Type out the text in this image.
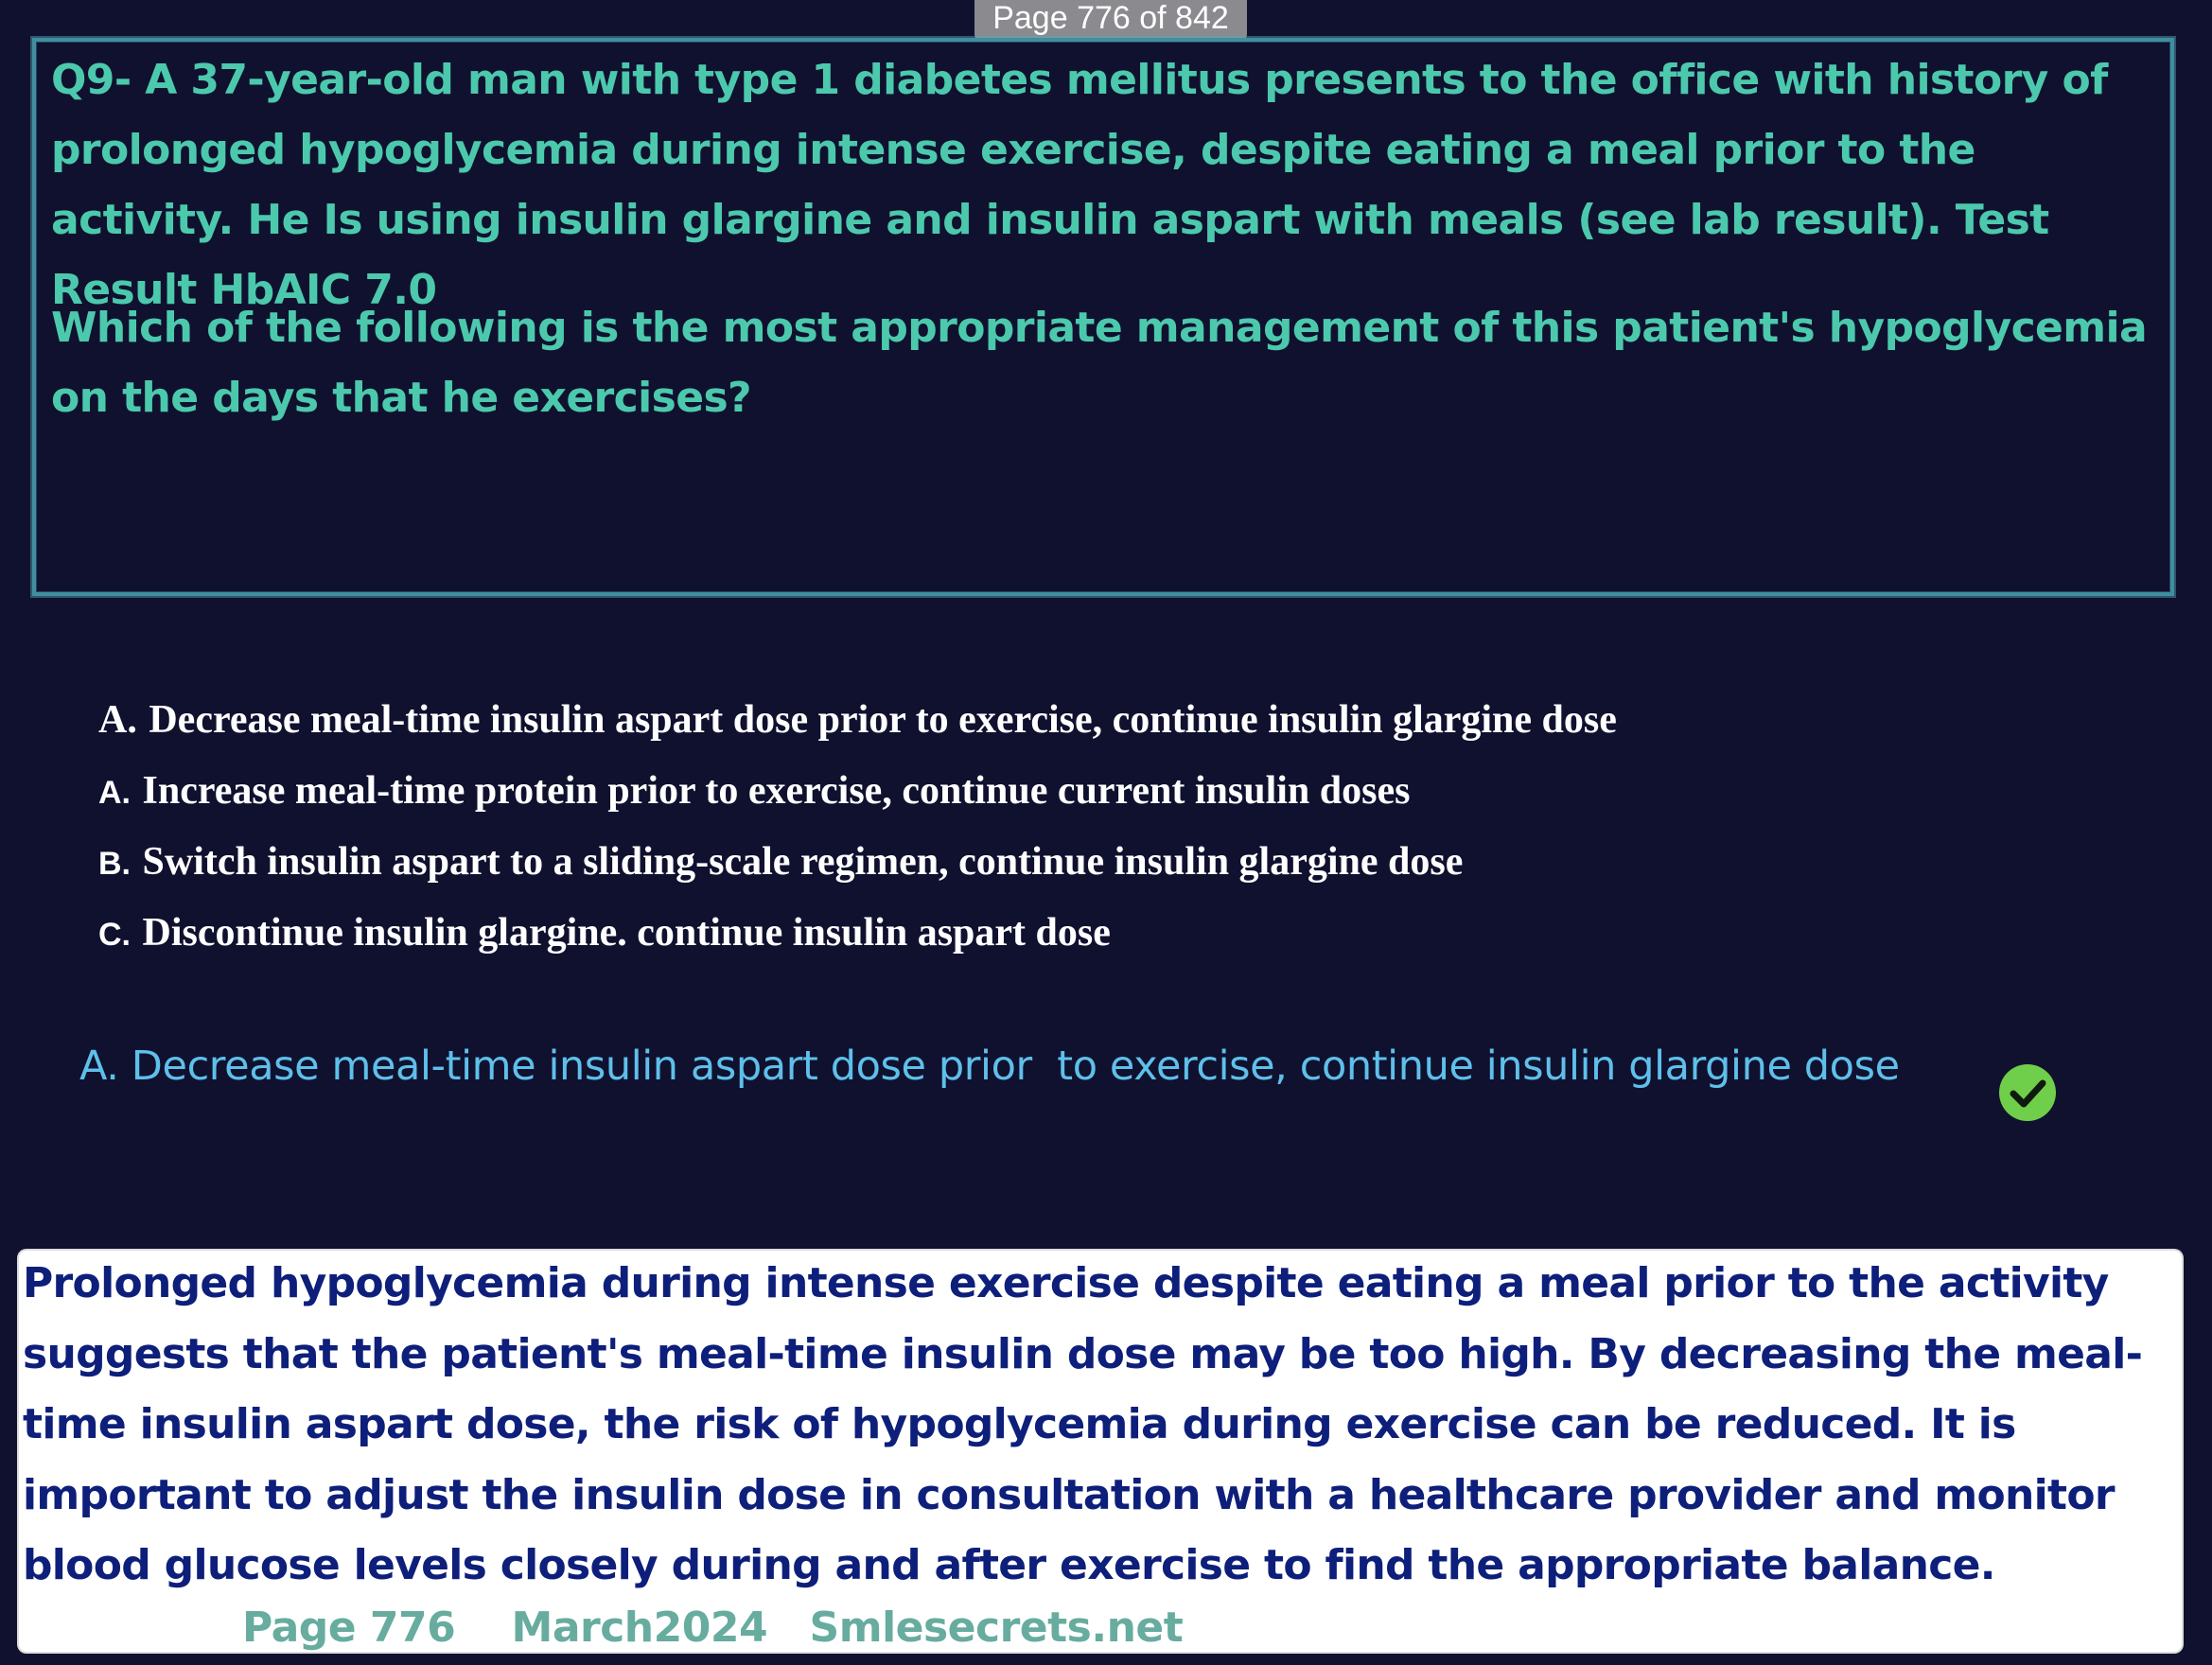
Page 776 of 842

Q9- A 37-year-old man with type 1 diabetes mellitus presents to the office with history of prolonged hypoglycemia during intense exercise, despite eating a meal prior to the activity. He Is using insulin glargine and insulin aspart with meals (see lab result). Test Result HbAIC 7.0

Which of the following is the most appropriate management of this patient's hypoglycemia on the days that he exercises?

A. Decrease meal-time insulin aspart dose prior to exercise, continue insulin glargine dose
A. Increase meal-time protein prior to exercise, continue current insulin doses
B. Switch insulin aspart to a sliding-scale regimen, continue insulin glargine dose
C. Discontinue insulin glargine. continue insulin aspart dose
A. Decrease meal-time insulin aspart dose prior  to exercise, continue insulin glargine dose

Prolonged hypoglycemia during intense exercise despite eating a meal prior to the activity suggests that the patient's meal-time insulin dose may be too high. By decreasing the meal-time insulin aspart dose, the risk of hypoglycemia during exercise can be reduced. It is important to adjust the insulin dose in consultation with a healthcare provider and monitor blood glucose levels closely during and after exercise to find the appropriate balance.

Page 776    March2024   Smlesecrets.net
